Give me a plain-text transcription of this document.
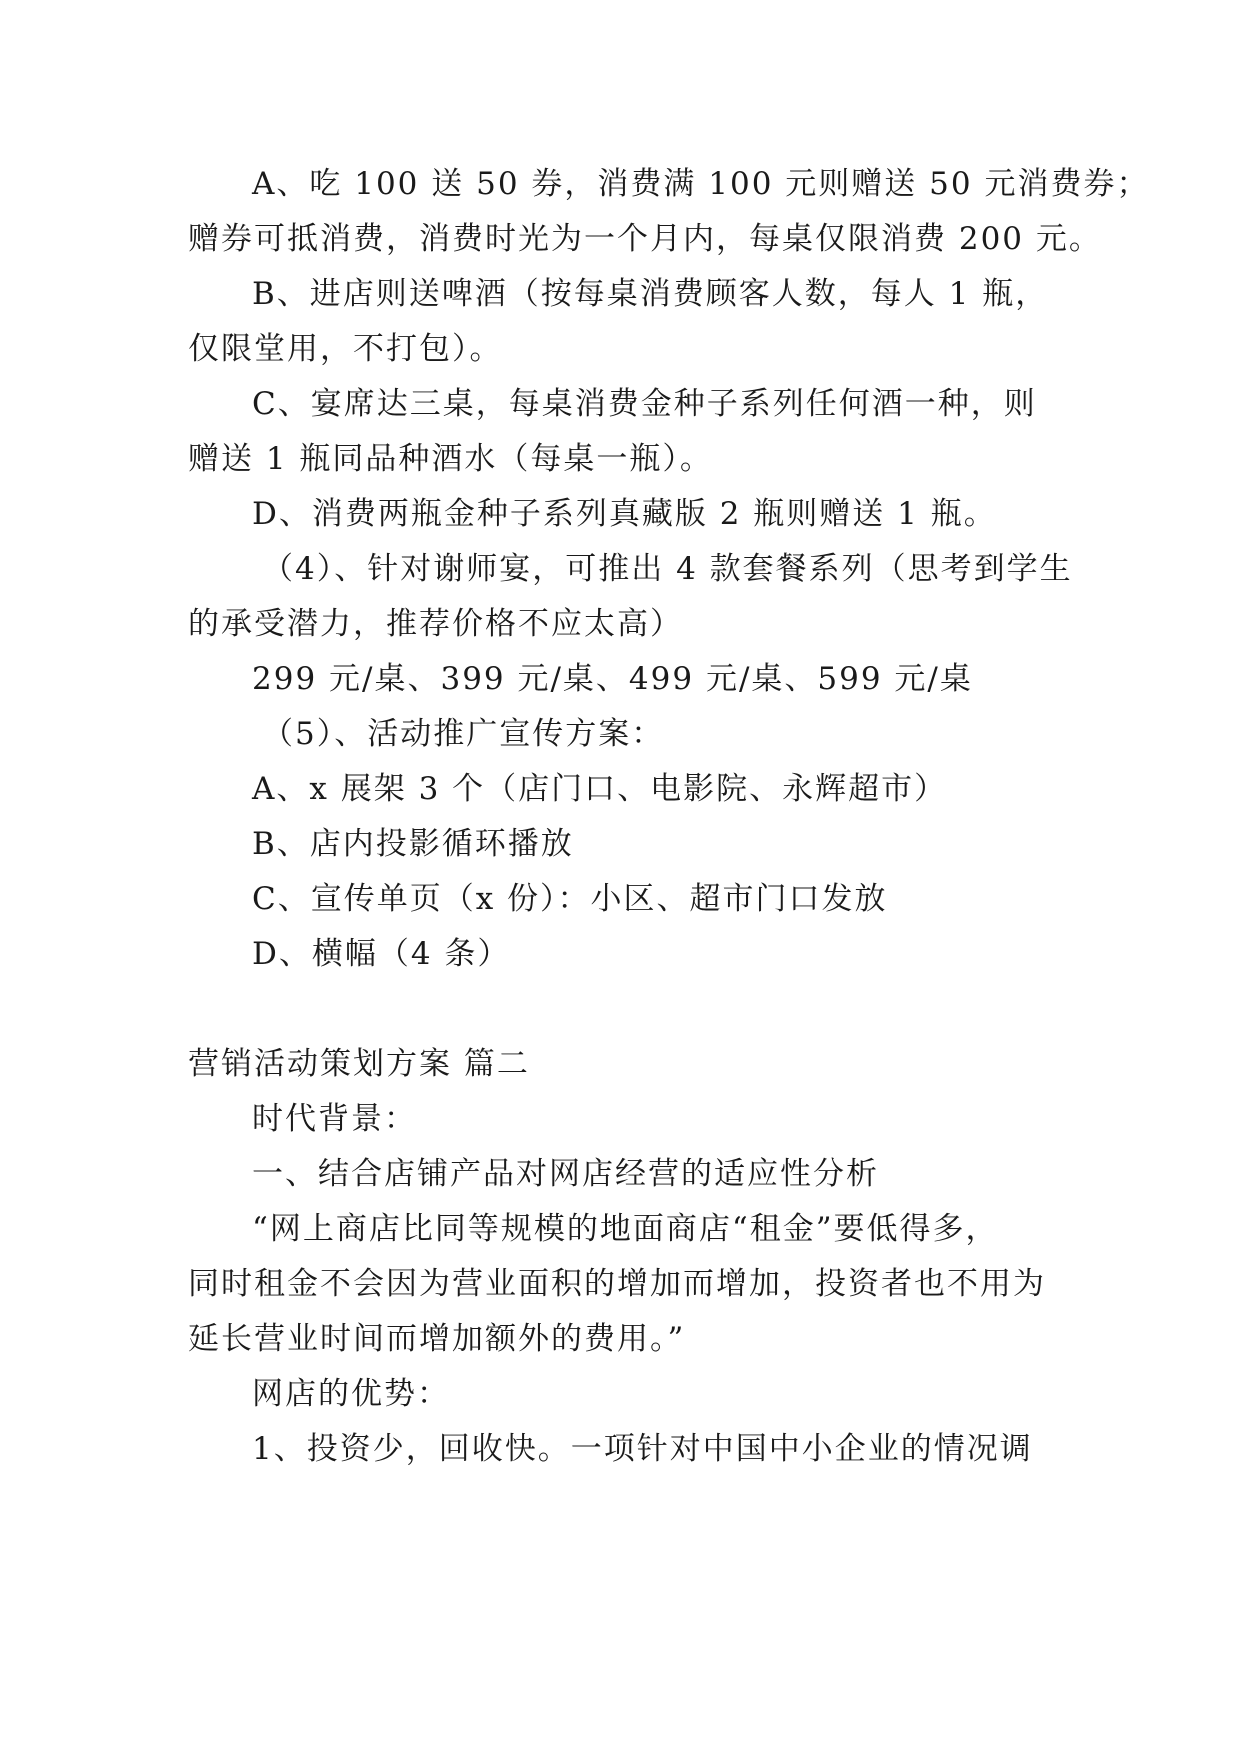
A、吃 100 送 50 券，消费满 100 元则赠送 50 元消费券；
赠券可抵消费，消费时光为一个月内，每桌仅限消费 200 元。
B、进店则送啤酒（按每桌消费顾客人数，每人 1 瓶，
仅限堂用，不打包）。
C、宴席达三桌，每桌消费金种子系列任何酒一种，则
赠送 1 瓶同品种酒水（每桌一瓶）。
D、消费两瓶金种子系列真藏版 2 瓶则赠送 1 瓶。
（4）、针对谢师宴，可推出 4 款套餐系列（思考到学生
的承受潜力，推荐价格不应太高）
299 元/桌、399 元/桌、499 元/桌、599 元/桌
（5）、活动推广宣传方案：
A、x 展架 3 个（店门口、电影院、永辉超市）
B、店内投影循环播放
C、宣传单页（x 份）：小区、超市门口发放
D、横幅（4 条）
营销活动策划方案 篇二
时代背景：
一、结合店铺产品对网店经营的适应性分析
“网上商店比同等规模的地面商店“租金”要低得多，
同时租金不会因为营业面积的增加而增加，投资者也不用为
延长营业时间而增加额外的费用。”
网店的优势：
1、投资少，回收快。一项针对中国中小企业的情况调
